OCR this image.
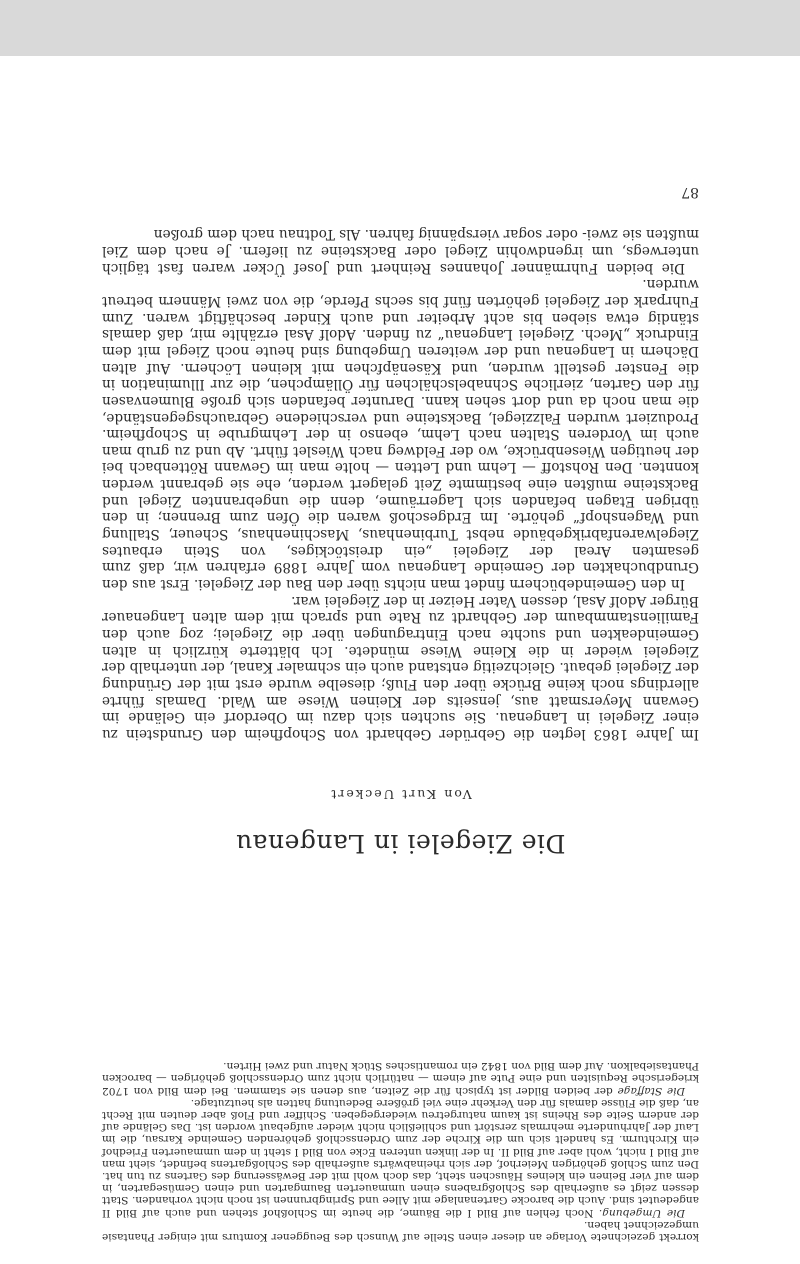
korrekt gezeichnete Vorlage an dieser einen Stelle auf Wunsch des Beuggener Komturs mit einiger Phantasie umgezeichnet haben.

Die Umgebung. Noch fehlen auf Bild I die Bäume, die heute im Schloßhof stehen und auch auf Bild II angedeutet sind. Auch die barocke Gartenanlage mit Allee und Springbrunnen ist noch nicht vorhanden. Statt dessen zeigt es außerhalb des Schloßgrabens einen ummauerten Baumgarten und einen Gemüsegarten, in dem auf vier Beinen ein kleines Häuschen steht, das doch wohl mit der Bewässerung des Gartens zu tun hat. Den zum Schloß gehörigen Meierhof, der sich rheinabwärts außerhalb des Schloßgartens befindet, sieht man auf Bild I nicht, wohl aber auf Bild II. In der linken unteren Ecke von Bild I steht in dem ummauerten Friedhof ein Kirchturm. Es handelt sich um die Kirche der zum Ordensschloß gehörenden Gemeinde Karsau, die im Lauf der Jahrhunderte mehrmals zerstört und schließlich nicht wieder aufgebaut worden ist. Das Gelände auf der andern Seite des Rheins ist kaum naturgetreu wiedergegeben. Schiffer und Floß aber deuten mit Recht an, daß die Flüsse damals für den Verkehr eine viel größere Bedeutung hatten als heutzutage.

Die Staffage der beiden Bilder ist typisch für die Zeiten, aus denen sie stammen. Bei dem Bild von 1702 kriegerische Requisiten und eine Pute auf einem — natürlich nicht zum Ordensschloß gehörigen — barocken Phantasiebalkon. Auf dem Bild von 1842 ein romantisches Stück Natur und zwei Hirten.

Die Ziegelei in Langenau
Von Kurt Ueckert

Im Jahre 1863 legten die Gebrüder Gebhardt von Schopfheim den Grundstein zu einer Ziegelei in Langenau. Sie suchten sich dazu im Oberdorf ein Gelände im Gewann Meyersmatt aus, jenseits der Kleinen Wiese am Wald. Damals führte allerdings noch keine Brücke über den Fluß; dieselbe wurde erst mit der Gründung der Ziegelei gebaut. Gleichzeitig entstand auch ein schmaler Kanal, der unterhalb der Ziegelei wieder in die Kleine Wiese mündete. Ich blätterte kürzlich in alten Gemeindeakten und suchte nach Eintragungen über die Ziegelei; zog auch den Familienstammbaum der Gebhardt zu Rate und sprach mit dem alten Langenauer Bürger Adolf Asal, dessen Vater Heizer in der Ziegelei war.

In den Gemeindebüchern findet man nichts über den Bau der Ziegelei. Erst aus den Grundbuchakten der Gemeinde Langenau vom Jahre 1889 erfahren wir, daß zum gesamten Areal der Ziegelei „ein dreistöckiges, von Stein erbautes Ziegelwarenfabrikgebäude nebst Turbinenhaus, Maschinenhaus, Scheuer, Stallung und Wagenshopf“ gehörte. Im Erdgeschoß waren die Öfen zum Brennen; in den übrigen Etagen befanden sich Lagerräume, denn die ungebrannten Ziegel und Backsteine mußten eine bestimmte Zeit gelagert werden, ehe sie gebrannt werden konnten. Den Rohstoff — Lehm und Letten — holte man im Gewann Röttenbach bei der heutigen Wiesenbrücke, wo der Feldweg nach Wieslet führt. Ab und zu grub man auch im Vorderen Stalten nach Lehm, ebenso in der Lehmgrube in Schopfheim. Produziert wurden Falzziegel, Backsteine und verschiedene Gebrauchsgegenstände, die man noch da und dort sehen kann. Darunter befanden sich große Blumenvasen für den Garten, zierliche Schnabelschälchen für Öllämpchen, die zur Illumination in die Fenster gestellt wurden, und Käsenäpfchen mit kleinen Löchern. Auf alten Dächern in Langenau und der weiteren Umgebung sind heute noch Ziegel mit dem Eindruck „Mech. Ziegelei Langenau“ zu finden. Adolf Asal erzählte mir, daß damals ständig etwa sieben bis acht Arbeiter und auch Kinder beschäftigt waren. Zum Fuhrpark der Ziegelei gehörten fünf bis sechs Pferde, die von zwei Männern betreut wurden.

Die beiden Fuhrmänner Johannes Reinhert und Josef Ücker waren fast täglich unterwegs, um irgendwohin Ziegel oder Backsteine zu liefern. Je nach dem Ziel mußten sie zwei- oder sogar vierspännig fahren. Als Todtnau nach dem großen

87
